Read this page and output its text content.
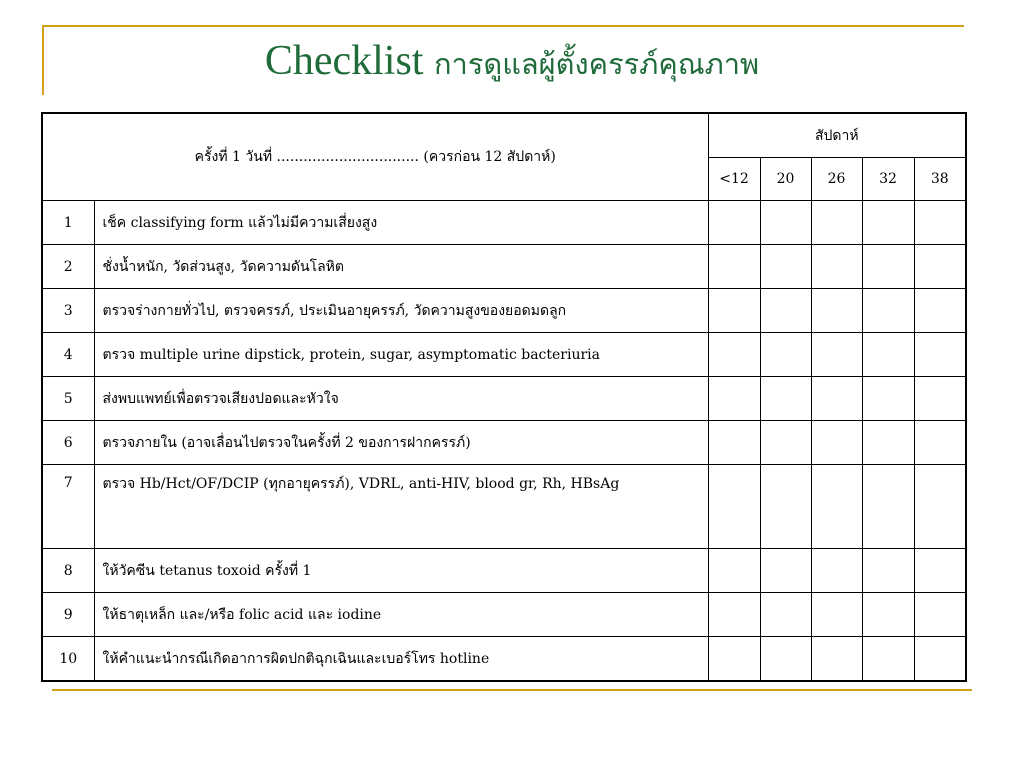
Checklist การดูแลผู้ตั้งครรภ์คุณภาพ
ครั้งที่ 1 วันที่ ................................ (ควรก่อน 12 สัปดาห์)		สัปดาห์				
		<12	20	26	32	38
1	เช็ค classifying form แล้วไม่มีความเสี่ยงสูง					
2	ชั่งน้ำหนัก, วัดส่วนสูง, วัดความดันโลหิต					
3	ตรวจร่างกายทั่วไป, ตรวจครรภ์, ประเมินอายุครรภ์, วัดความสูงของยอดมดลูก					
4	ตรวจ multiple urine dipstick, protein, sugar, asymptomatic bacteriuria					
5	ส่งพบแพทย์เพื่อตรวจเสียงปอดและหัวใจ					
6	ตรวจภายใน (อาจเลื่อนไปตรวจในครั้งที่ 2 ของการฝากครรภ์)					
7	ตรวจ Hb/Hct/OF/DCIP (ทุกอายุครรภ์), VDRL, anti-HIV, blood gr, Rh, HBsAg					
8	ให้วัคซีน tetanus toxoid ครั้งที่ 1					
9	ให้ธาตุเหล็ก และ/หรือ folic acid และ iodine					
10	ให้คำแนะนำกรณีเกิดอาการผิดปกติฉุกเฉินและเบอร์โทร hotline					
